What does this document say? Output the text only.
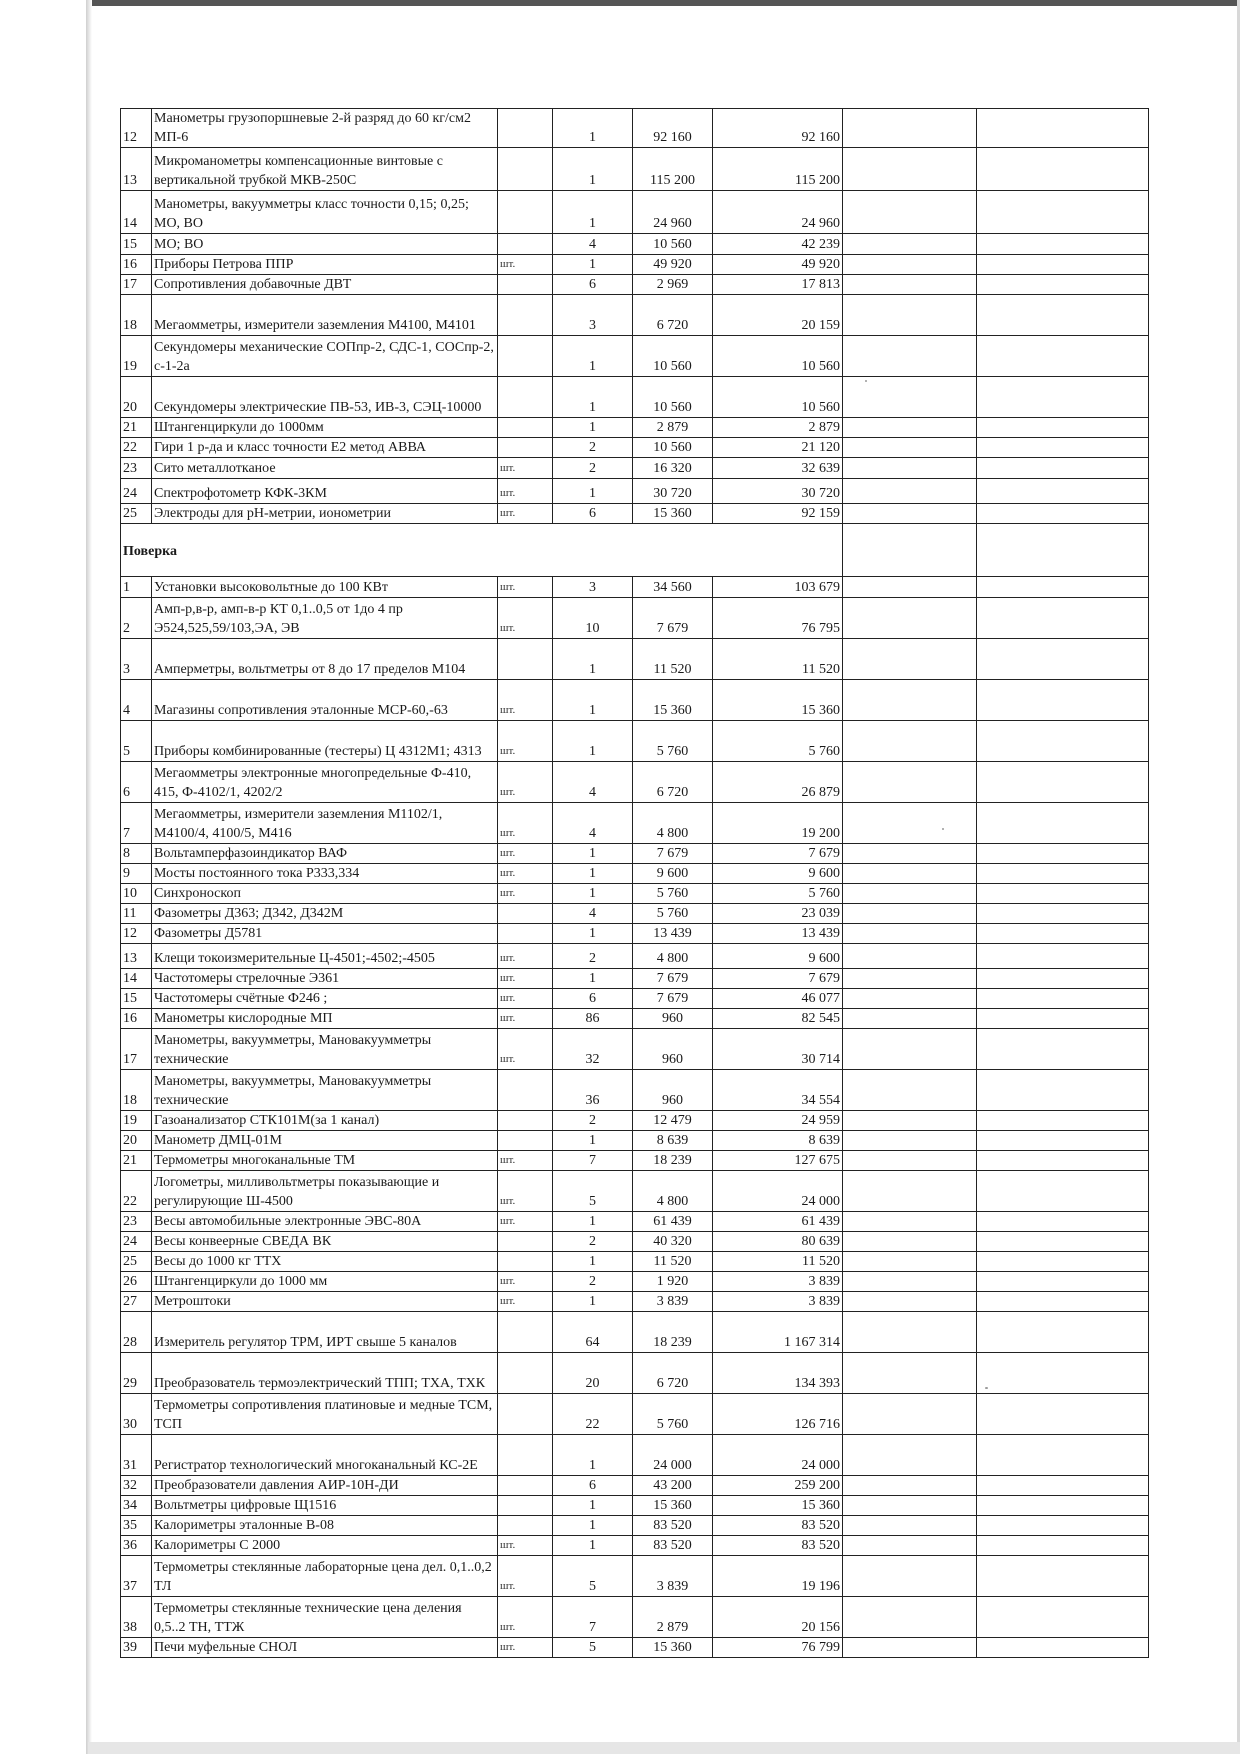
12	Манометры грузопоршневые 2-й разряд до 60 кг/см2 МП-6		1	92 160	92 160		
13	Микроманометры компенсационные винтовые с вертикальной трубкой МКВ-250С		1	115 200	115 200		
14	Манометры, вакуумметры класс точности 0,15; 0,25; МО, ВО		1	24 960	24 960		
15	МО; ВО		4	10 560	42 239		
16	Приборы Петрова ППР	шт.	1	49 920	49 920		
17	Сопротивления добавочные ДВТ		6	2 969	17 813		
18	Мегаомметры, измерители заземления М4100, М4101		3	6 720	20 159		
19	Секундомеры механические СОПпр-2, СДС-1, СОСпр-2, с-1-2а		1	10 560	10 560		
20	Секундомеры электрические ПВ-53, ИВ-3, СЭЦ-10000		1	10 560	10 560		
21	Штангенциркули до 1000мм		1	2 879	2 879		
22	Гири 1 р-да и класс точности Е2 метод АВВА		2	10 560	21 120		
23	Сито металлотканое	шт.	2	16 320	32 639		
24	Спектрофотометр КФК-3КМ	шт.	1	30 720	30 720		
25	Электроды для pH-метрии, ионометрии	шт.	6	15 360	92 159		
Поверка							
1	Установки высоковольтные до 100 КВт	шт.	3	34 560	103 679		
2	Амп-р,в-р, амп-в-р КТ 0,1..0,5 от 1до 4 пр Э524,525,59/103,ЭА, ЭВ	шт.	10	7 679	76 795		
3	Амперметры, вольтметры от 8 до 17 пределов М104		1	11 520	11 520		
4	Магазины сопротивления эталонные МСР-60,-63	шт.	1	15 360	15 360		
5	Приборы комбинированные (тестеры) Ц 4312М1; 4313	шт.	1	5 760	5 760		
6	Мегаомметры электронные многопредельные Ф-410, 415, Ф-4102/1, 4202/2	шт.	4	6 720	26 879		
7	Мегаомметры, измерители заземления М1102/1, М4100/4, 4100/5, М416	шт.	4	4 800	19 200		
8	Вольтамперфазоиндикатор ВАФ	шт.	1	7 679	7 679		
9	Мосты постоянного тока Р333,334	шт.	1	9 600	9 600		
10	Синхроноскоп	шт.	1	5 760	5 760		
11	Фазометры Д363; Д342, Д342М		4	5 760	23 039		
12	Фазометры Д5781		1	13 439	13 439		
13	Клещи токоизмерительные Ц-4501;-4502;-4505	шт.	2	4 800	9 600		
14	Частотомеры стрелочные Э361	шт.	1	7 679	7 679		
15	Частотомеры счётные Ф246 ;	шт.	6	7 679	46 077		
16	Манометры кислородные МП	шт.	86	960	82 545		
17	Манометры, вакуумметры, Мановакуумметры технические	шт.	32	960	30 714		
18	Манометры, вакуумметры, Мановакуумметры технические		36	960	34 554		
19	Газоанализатор СТК101М(за 1 канал)		2	12 479	24 959		
20	Манометр ДМЦ-01М		1	8 639	8 639		
21	Термометры многоканальные ТМ	шт.	7	18 239	127 675		
22	Логометры, милливольтметры показывающие и регулирующие Ш-4500	шт.	5	4 800	24 000		
23	Весы автомобильные электронные ЭВС-80А	шт.	1	61 439	61 439		
24	Весы конвеерные СВЕДА ВК		2	40 320	80 639		
25	Весы до 1000 кг ТТХ		1	11 520	11 520		
26	Штангенциркули до 1000 мм	шт.	2	1 920	3 839		
27	Метроштоки	шт.	1	3 839	3 839		
28	Измеритель регулятор ТРМ, ИРТ свыше 5 каналов		64	18 239	1 167 314		
29	Преобразователь термоэлектрический ТПП; ТХА, ТХК		20	6 720	134 393		
30	Термометры сопротивления платиновые и медные ТСМ, ТСП		22	5 760	126 716		
31	Регистратор технологический многоканальный КС-2Е		1	24 000	24 000		
32	Преобразователи давления АИР-10Н-ДИ		6	43 200	259 200		
34	Вольтметры цифровые Щ1516		1	15 360	15 360		
35	Калориметры эталонные В-08		1	83 520	83 520		
36	Калориметры С 2000	шт.	1	83 520	83 520		
37	Термометры стеклянные лабораторные цена дел. 0,1..0,2 ТЛ	шт.	5	3 839	19 196		
38	Термометры стеклянные технические цена деления 0,5..2 ТН, ТТЖ	шт.	7	2 879	20 156		
39	Печи муфельные СНОЛ	шт.	5	15 360	76 799		
